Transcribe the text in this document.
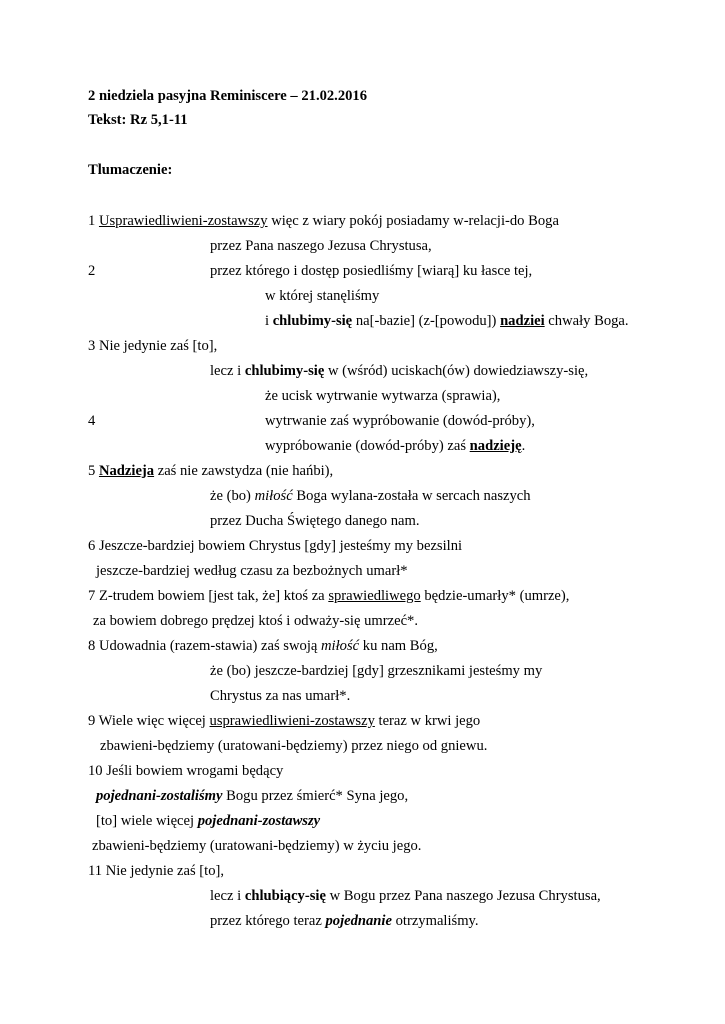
2 niedziela pasyjna Reminiscere – 21.02.2016
Tekst: Rz 5,1-11
Tlumaczenie:
1 Usprawiedliwieni-zostawszy więc z wiary pokój posiadamy w-relacji-do Boga
przez Pana naszego Jezusa Chrystusa,
2	przez którego i dostęp posiedliśmy [wiarą] ku łasce tej,
w której stanęliśmy
i chlubimy-się na[-bazie] (z-[powodu]) nadziei chwały Boga.
3 Nie jedynie zaś [to],
lecz i chlubimy-się w (wśród) uciskach(ów) dowiedziawszy-się,
że ucisk wytrwanie wytwarza (sprawia),
4	wytrwanie zaś wypróbowanie (dowód-próby),
wypróbowanie (dowód-próby) zaś nadzieję.
5 Nadzieja zaś nie zawstydza (nie hańbi),
że (bo) miłość Boga wylana-została w sercach naszych
przez Ducha Świętego danego nam.
6 Jeszcze-bardziej bowiem Chrystus [gdy] jesteśmy my bezsilni
jeszcze-bardziej według czasu za bezbożnych umarł*
7 Z-trudem bowiem [jest tak, że] ktoś za sprawiedliwego będzie-umarły* (umrze),
za bowiem dobrego prędzej ktoś i odważy-się umrzeć*.
8 Udowadnia (razem-stawia) zaś swoją miłość ku nam Bóg,
że (bo) jeszcze-bardziej [gdy] grzesznikami jesteśmy my
Chrystus za nas umarł*.
9 Wiele więc więcej usprawiedliwieni-zostawszy teraz w krwi jego
zbawieni-będziemy (uratowani-będziemy) przez niego od gniewu.
10 Jeśli bowiem wrogami będący
pojednani-zostaliśmy Bogu przez śmierć* Syna jego,
[to] wiele więcej pojednani-zostawszy
zbawieni-będziemy (uratowani-będziemy) w życiu jego.
11 Nie jedynie zaś [to],
lecz i chlubiący-się w Bogu przez Pana naszego Jezusa Chrystusa,
przez którego teraz pojednanie otrzymaliśmy.
